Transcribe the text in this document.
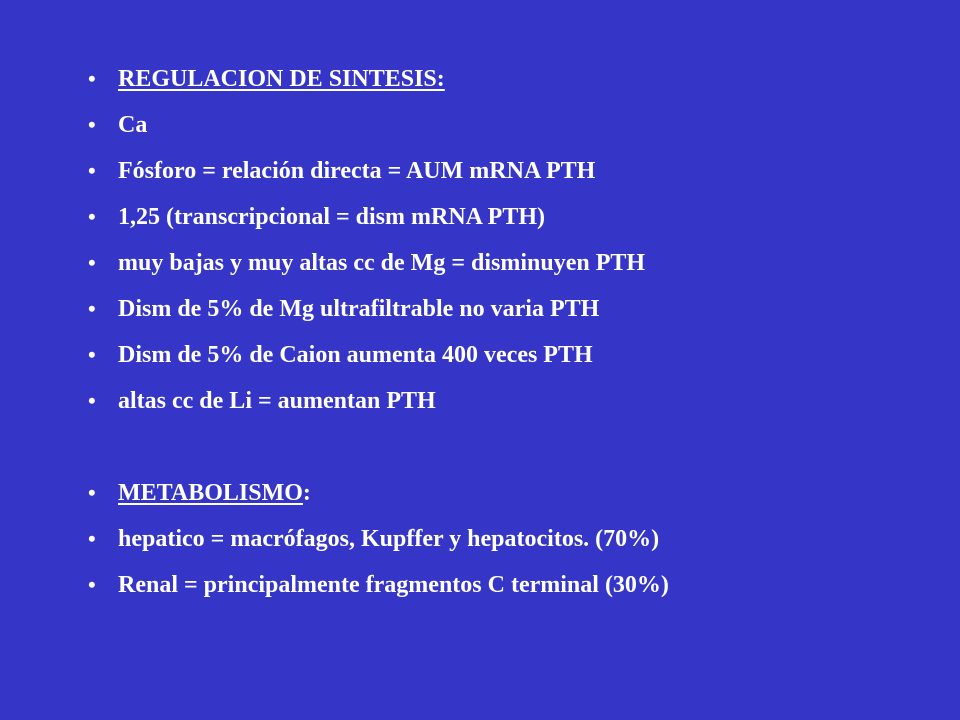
• REGULACION DE SINTESIS:
• Ca
• Fósforo = relación directa = AUM mRNA PTH
• 1,25 (transcripcional = dism mRNA PTH)
• muy bajas y muy altas cc de Mg = disminuyen PTH
• Dism de 5% de Mg ultrafiltrable no varia PTH
• Dism de 5% de Caion aumenta 400 veces PTH
• altas cc de Li = aumentan PTH
• METABOLISMO:
• hepatico = macrófagos, Kupffer y hepatocitos. (70%)
• Renal = principalmente fragmentos C terminal (30%)
